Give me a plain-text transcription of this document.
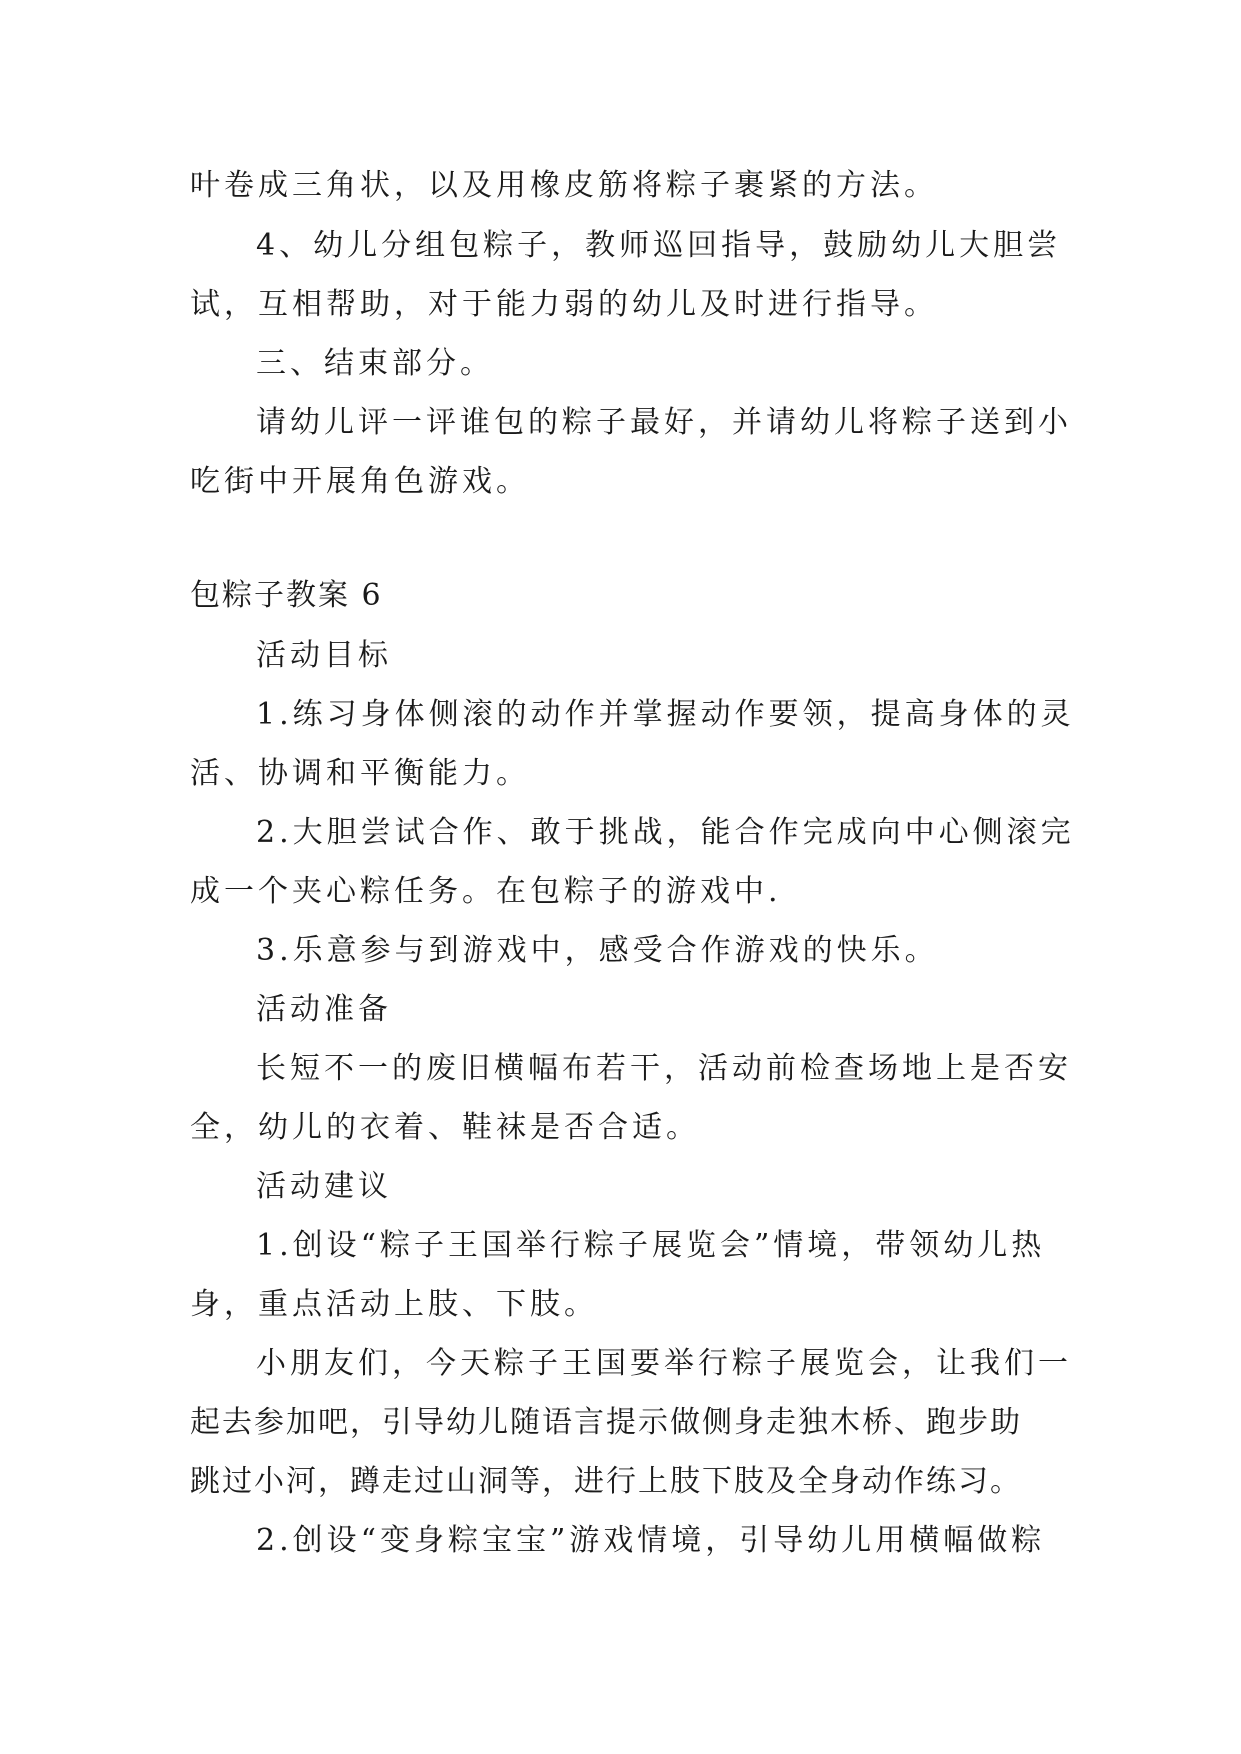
叶卷成三角状，以及用橡皮筋将粽子裹紧的方法。
4、幼儿分组包粽子，教师巡回指导，鼓励幼儿大胆尝
试，互相帮助，对于能力弱的幼儿及时进行指导。
三、结束部分。
请幼儿评一评谁包的粽子最好，并请幼儿将粽子送到小
吃街中开展角色游戏。
包粽子教案 6
活动目标
1.练习身体侧滚的动作并掌握动作要领，提高身体的灵
活、协调和平衡能力。
2.大胆尝试合作、敢于挑战，能合作完成向中心侧滚完
成一个夹心粽任务。在包粽子的游戏中.
3.乐意参与到游戏中，感受合作游戏的快乐。
活动准备
长短不一的废旧横幅布若干，活动前检查场地上是否安
全，幼儿的衣着、鞋袜是否合适。
活动建议
1.创设“粽子王国举行粽子展览会”情境，带领幼儿热
身，重点活动上肢、下肢。
小朋友们，今天粽子王国要举行粽子展览会，让我们一
起去参加吧，引导幼儿随语言提示做侧身走独木桥、跑步助
跳过小河，蹲走过山洞等，进行上肢下肢及全身动作练习。
2.创设“变身粽宝宝”游戏情境，引导幼儿用横幅做粽
